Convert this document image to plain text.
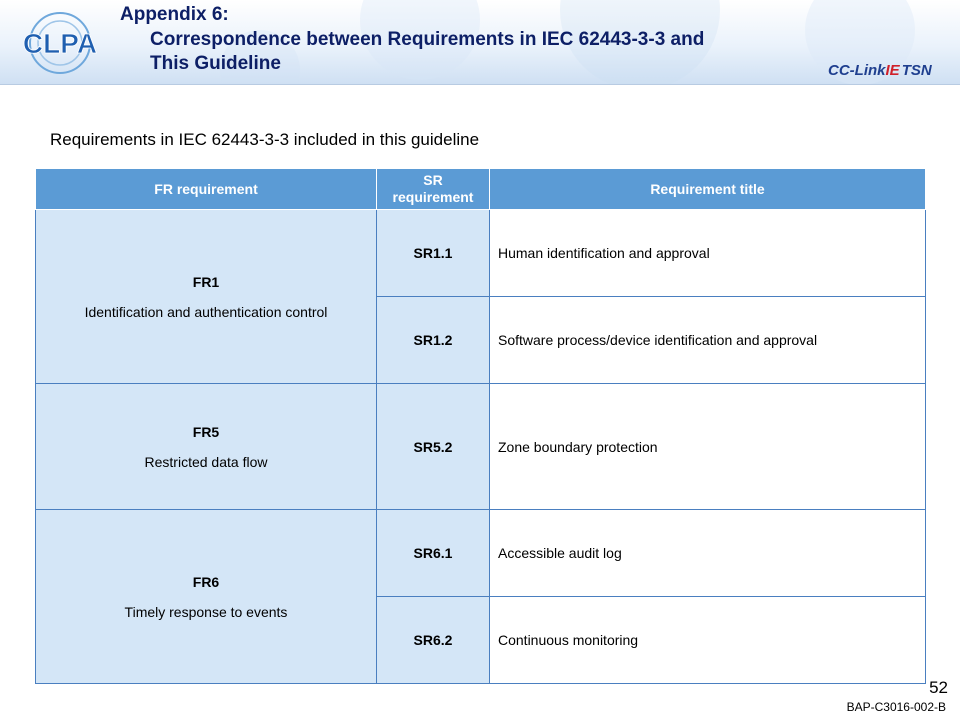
CLPA
Appendix 6:
Correspondence between Requirements in IEC 62443-3-3 and
This Guideline	CC-LinkIE TSN
Requirements in IEC 62443-3-3 included in this guideline
FR requirement	SR requirement	Requirement title

FR1
Identification and authentication control	SR1.1	Human identification and approval
	SR1.2	Software process/device identification and approval

FR5
Restricted data flow	SR5.2	Zone boundary protection

FR6
Timely response to events	SR6.1	Accessible audit log
	SR6.2	Continuous monitoring
52
BAP-C3016-002-B
